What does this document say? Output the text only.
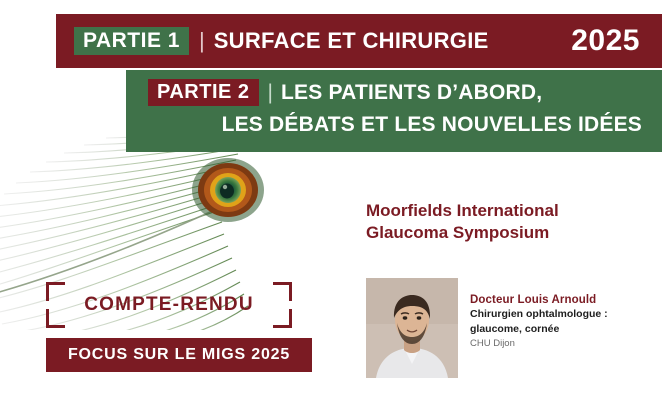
PARTIE 1 | SURFACE ET CHIRURGIE	2025
PARTIE 2 | LES PATIENTS D’ABORD,
LES DÉBATS ET LES NOUVELLES IDÉES
Moorfields International
Glaucoma Symposium
Docteur Louis Arnould
Chirurgien ophtalmologue :
glaucome, cornée
CHU Dijon
COMPTE-RENDU
FOCUS SUR LE MIGS 2025
